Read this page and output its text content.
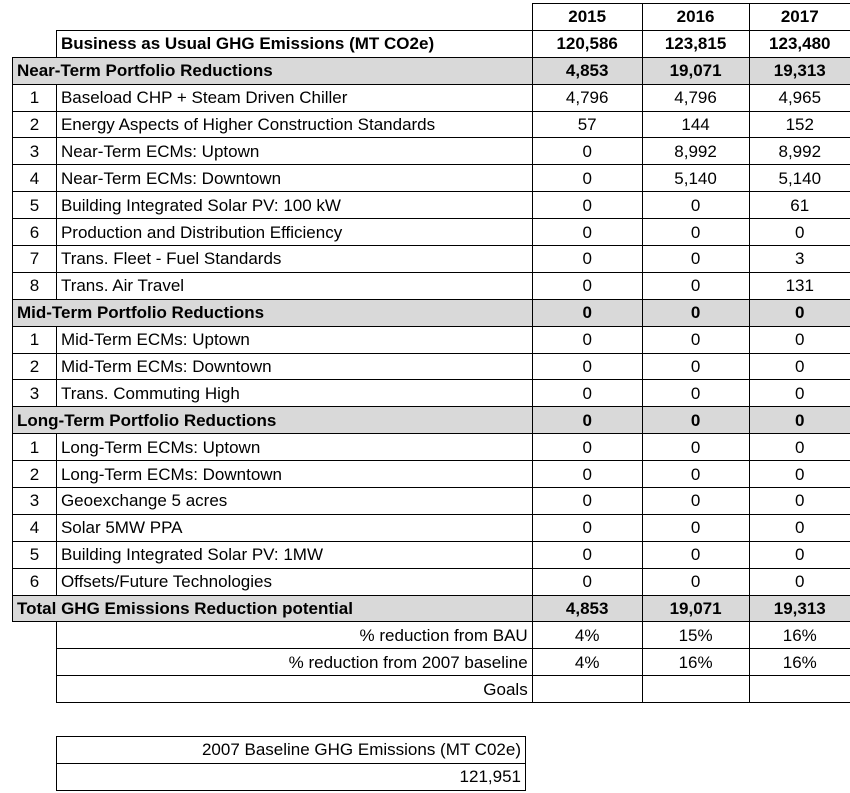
		2015	2016	2017
	Business as Usual GHG Emissions (MT CO2e)	120,586	123,815	123,480
Near-Term Portfolio Reductions		4,853	19,071	19,313
1	Baseload CHP + Steam Driven Chiller	4,796	4,796	4,965
2	Energy Aspects of Higher Construction Standards	57	144	152
3	Near-Term ECMs: Uptown	0	8,992	8,992
4	Near-Term ECMs: Downtown	0	5,140	5,140
5	Building Integrated Solar PV: 100 kW	0	0	61
6	Production and Distribution Efficiency	0	0	0
7	Trans. Fleet - Fuel Standards	0	0	3
8	Trans. Air Travel	0	0	131
Mid-Term Portfolio Reductions		0	0	0
1	Mid-Term ECMs: Uptown	0	0	0
2	Mid-Term ECMs: Downtown	0	0	0
3	Trans. Commuting High	0	0	0
Long-Term Portfolio Reductions		0	0	0
1	Long-Term ECMs: Uptown	0	0	0
2	Long-Term ECMs: Downtown	0	0	0
3	Geoexchange 5 acres	0	0	0
4	Solar 5MW PPA	0	0	0
5	Building Integrated Solar PV: 1MW	0	0	0
6	Offsets/Future Technologies	0	0	0
Total GHG Emissions Reduction potential		4,853	19,071	19,313
	% reduction from BAU	4%	15%	16%
	% reduction from 2007 baseline	4%	16%	16%
	Goals			
2007 Baseline GHG Emissions (MT C02e)
121,951
